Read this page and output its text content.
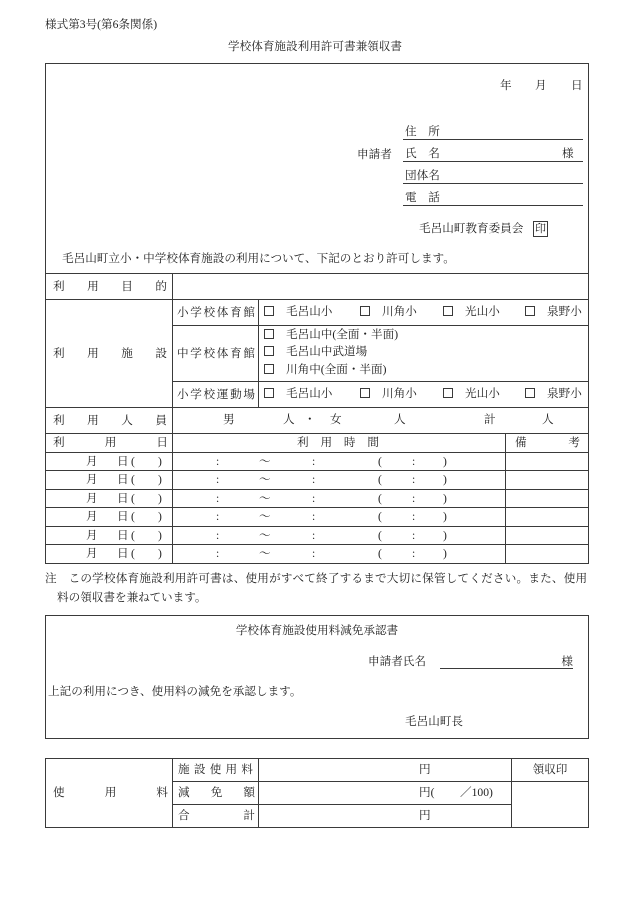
様式第3号(第6条関係)
学校体育施設利用許可書兼領収書
年 月 日
申請者
住　所
氏　名	様
団体名
電　話
毛呂山町教育委員会 印
毛呂山町立小・中学校体育施設の利用について、下記のとおり許可します。
利 用 目 的
利 用 施 設
小 学 校 体 育 館	毛呂山小	川角小	光山小	泉野小
中 学 校 体 育 館
毛呂山中(全面・半面)
毛呂山中武道場
川角中(全面・半面)
小 学 校 運 動 場	毛呂山小	川角小	光山小	泉野小
利 用 人 員	男	人 ・ 女	人	計	人
利	用	日	利 用 時 間	備	考
月 日 ( )	:	〜	:	(	: )
月 日 ( )	:	〜	:	(	: )
月 日 ( )	:	〜	:	(	: )
月 日 ( )	:	〜	:	(	: )
月 日 ( )	:	〜	:	(	: )
月 日 ( )	:	〜	:	(	: )
注　この学校体育施設利用許可書は、使用がすべて終了するまで大切に保管してください。また、使用
料の領収書を兼ねています。
学校体育施設使用料減免承認書
申請者氏名	様
上記の利用につき、使用料の減免を承認します。
毛呂山町長
使	用	料
施 設 使 用 料	円	領収印
減 免 額	円( ／100)
合	計	円
